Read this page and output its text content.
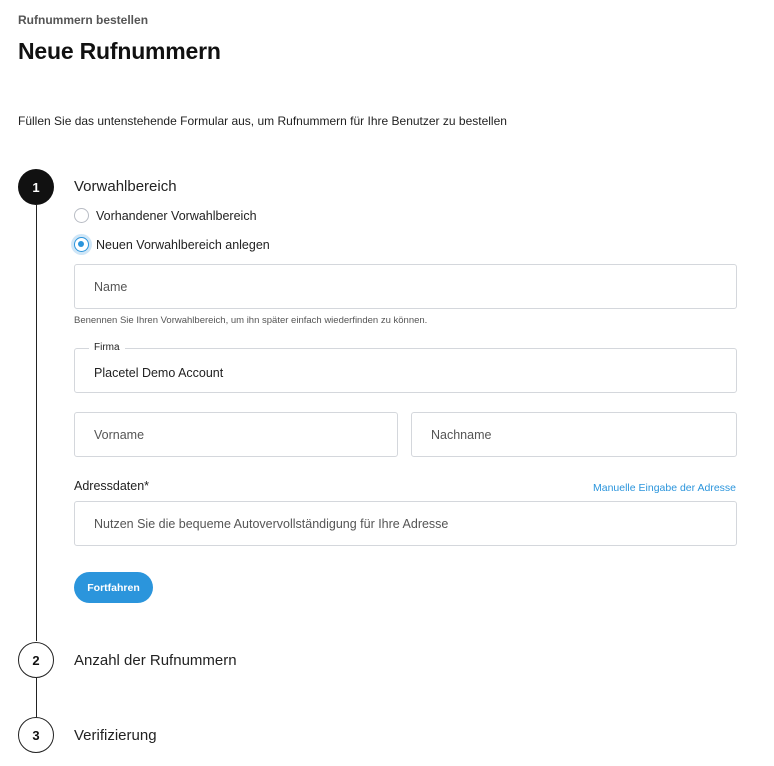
Rufnummern bestellen
Neue Rufnummern

Füllen Sie das untenstehende Formular aus, um Rufnummern für Ihre Benutzer zu bestellen

1	Vorwahlbereich
Vorhandener Vorwahlbereich
Neuen Vorwahlbereich anlegen
Name
Benennen Sie Ihren Vorwahlbereich, um ihn später einfach wiederfinden zu können.
Firma
Placetel Demo Account
Vorname
Nachname
Adressdaten*	Manuelle Eingabe der Adresse
Nutzen Sie die bequeme Autovervollständigung für Ihre Adresse
Fortfahren
2	Anzahl der Rufnummern
3	Verifizierung
